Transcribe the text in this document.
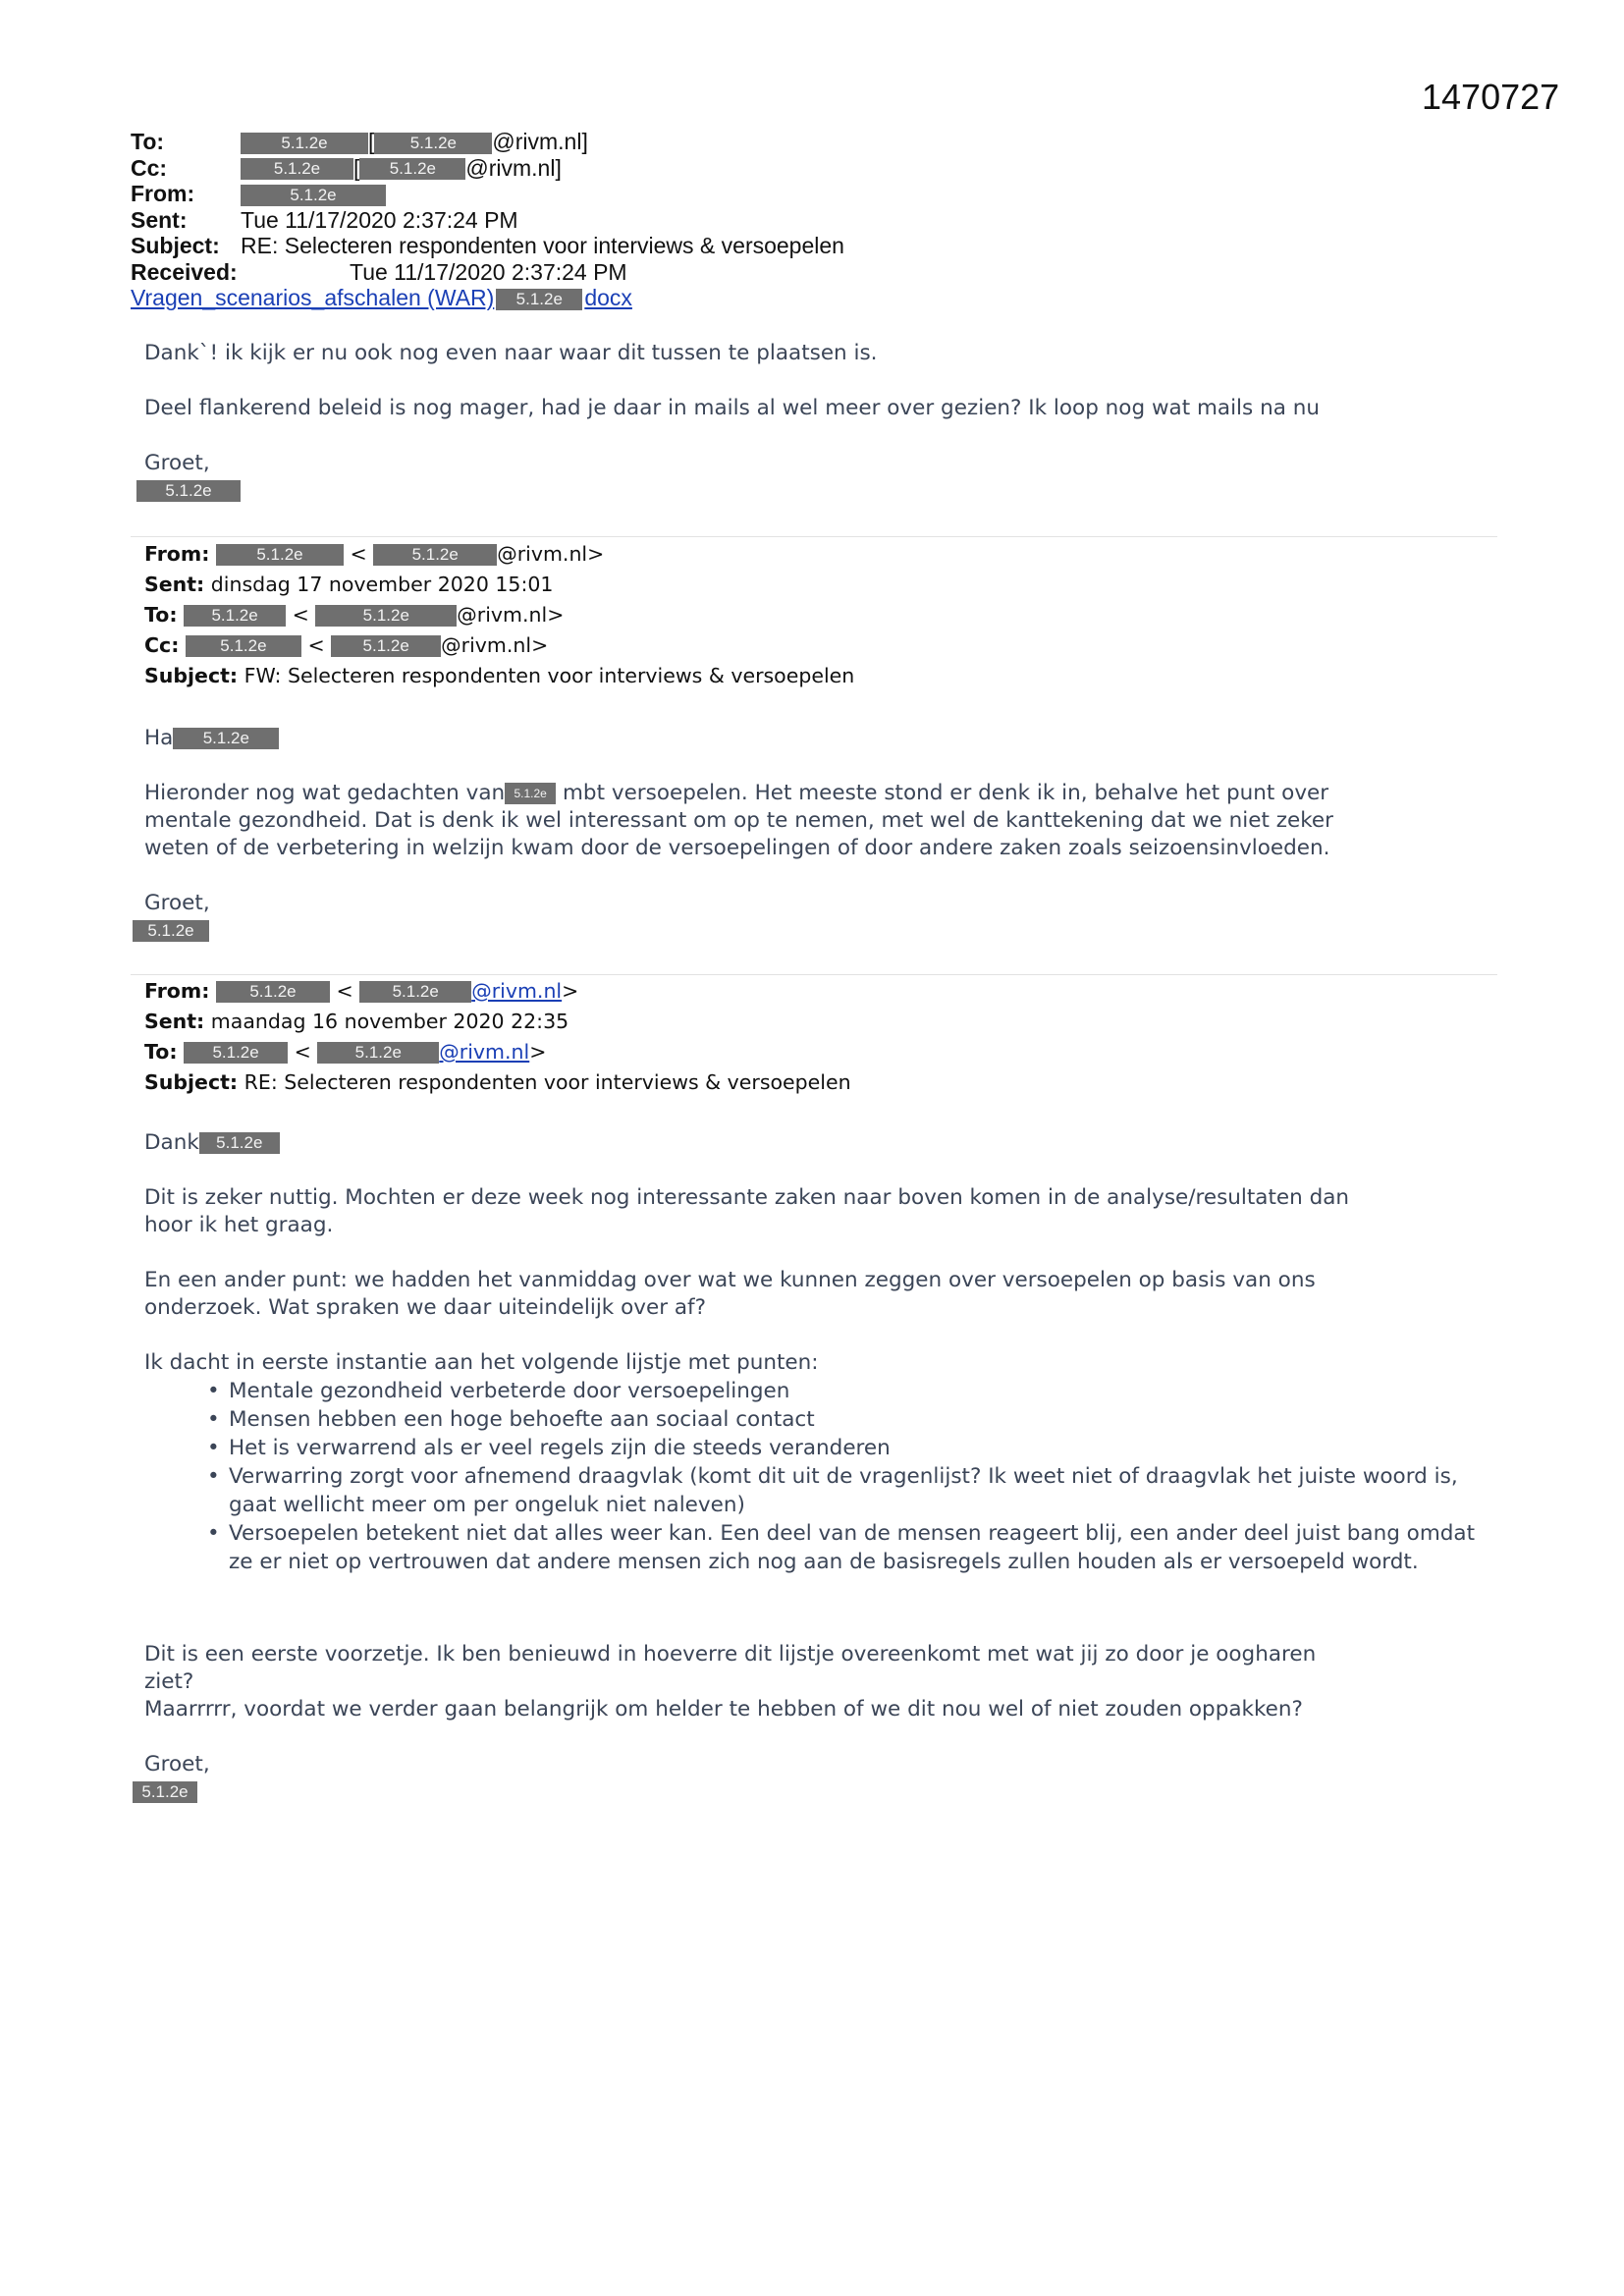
1470727
To:	5.1.2e [ 5.1.2e @rivm.nl]
Cc:	5.1.2e [ 5.1.2e @rivm.nl]
From:	5.1.2e
Sent: Tue 11/17/2020 2:37:24 PM
Subject: RE: Selecteren respondenten voor interviews & versoepelen
Received:	Tue 11/17/2020 2:37:24 PM
Vragen_scenarios_afschalen (WAR) 5.1.2e docx

Dank`! ik kijk er nu ook nog even naar waar dit tussen te plaatsen is.

Deel flankerend beleid is nog mager, had je daar in mails al wel meer over gezien? Ik loop nog wat mails na nu

Groet,
5.1.2e
From:	5.1.2e < 5.1.2e @rivm.nl>
Sent: dinsdag 17 november 2020 15:01
To: 5.1.2e <	5.1.2e @rivm.nl>
Cc: 5.1.2e < 5.1.2e @rivm.nl>
Subject: FW: Selecteren respondenten voor interviews & versoepelen

Ha 5.1.2e

Hieronder nog wat gedachten van 5.1.2e mbt versoepelen. Het meeste stond er denk ik in, behalve het punt over
mentale gezondheid. Dat is denk ik wel interessant om op te nemen, met wel de kanttekening dat we niet zeker
weten of de verbetering in welzijn kwam door de versoepelingen of door andere zaken zoals seizoensinvloeden.

Groet,
5.1.2e
From: 5.1.2e < 5.1.2e @rivm.nl>
Sent: maandag 16 november 2020 22:35
To: 5.1.2e < 5.1.2e @rivm.nl>
Subject: RE: Selecteren respondenten voor interviews & versoepelen

Dank 5.1.2e

Dit is zeker nuttig. Mochten er deze week nog interessante zaken naar boven komen in de analyse/resultaten dan
hoor ik het graag.

En een ander punt: we hadden het vanmiddag over wat we kunnen zeggen over versoepelen op basis van ons
onderzoek. Wat spraken we daar uiteindelijk over af?

Ik dacht in eerste instantie aan het volgende lijstje met punten:
• Mentale gezondheid verbeterde door versoepelingen
• Mensen hebben een hoge behoefte aan sociaal contact
• Het is verwarrend als er veel regels zijn die steeds veranderen
• Verwarring zorgt voor afnemend draagvlak (komt dit uit de vragenlijst? Ik weet niet of draagvlak het juiste woord is, gaat wellicht meer om per ongeluk niet naleven)
• Versoepelen betekent niet dat alles weer kan. Een deel van de mensen reageert blij, een ander deel juist bang omdat ze er niet op vertrouwen dat andere mensen zich nog aan de basisregels zullen houden als er versoepeld wordt.

Dit is een eerste voorzetje. Ik ben benieuwd in hoeverre dit lijstje overeenkomt met wat jij zo door je oogharen
ziet?
Maarrrrr, voordat we verder gaan belangrijk om helder te hebben of we dit nou wel of niet zouden oppakken?

Groet,
5.1.2e
